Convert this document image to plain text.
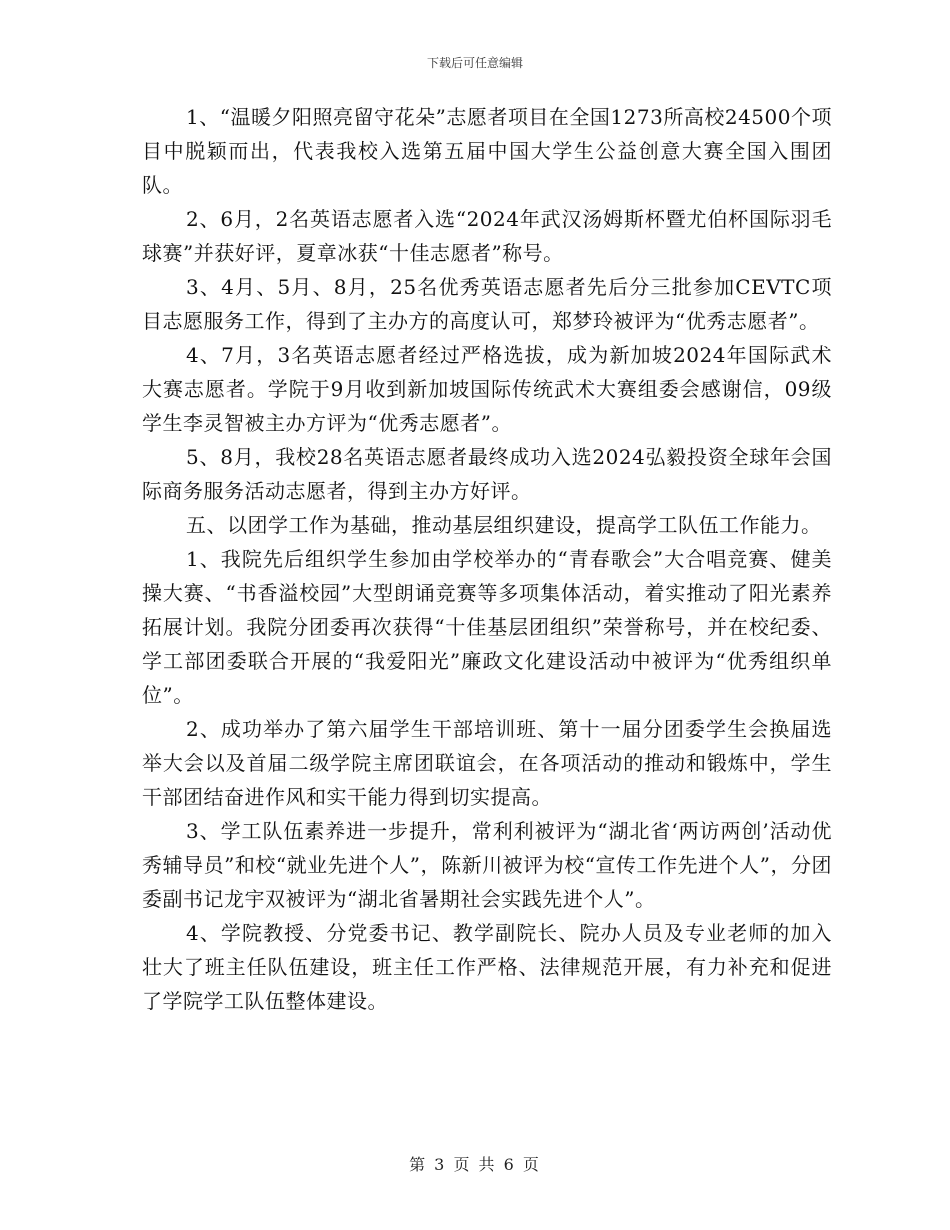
下载后可任意编辑

1、“温暖夕阳照亮留守花朵”志愿者项目在全国1273所高校24500个项目中脱颖而出，代表我校入选第五届中国大学生公益创意大赛全国入围团队。

2、6月，2名英语志愿者入选“2024年武汉汤姆斯杯暨尤伯杯国际羽毛球赛”并获好评，夏章冰获“十佳志愿者”称号。

3、4月、5月、8月，25名优秀英语志愿者先后分三批参加CEVTC项目志愿服务工作，得到了主办方的高度认可，郑梦玲被评为“优秀志愿者”。

4、7月，3名英语志愿者经过严格选拔，成为新加坡2024年国际武术大赛志愿者。学院于9月收到新加坡国际传统武术大赛组委会感谢信，09级学生李灵智被主办方评为“优秀志愿者”。

5、8月，我校28名英语志愿者最终成功入选2024弘毅投资全球年会国际商务服务活动志愿者，得到主办方好评。

五、以团学工作为基础，推动基层组织建设，提高学工队伍工作能力。

1、我院先后组织学生参加由学校举办的“青春歌会”大合唱竞赛、健美操大赛、“书香溢校园”大型朗诵竞赛等多项集体活动，着实推动了阳光素养拓展计划。我院分团委再次获得“十佳基层团组织”荣誉称号，并在校纪委、学工部团委联合开展的“我爱阳光”廉政文化建设活动中被评为“优秀组织单位”。

2、成功举办了第六届学生干部培训班、第十一届分团委学生会换届选举大会以及首届二级学院主席团联谊会，在各项活动的推动和锻炼中，学生干部团结奋进作风和实干能力得到切实提高。

3、学工队伍素养进一步提升，常利利被评为“湖北省‘两访两创’活动优秀辅导员”和校“就业先进个人”，陈新川被评为校“宣传工作先进个人”，分团委副书记龙宇双被评为“湖北省暑期社会实践先进个人”。

4、学院教授、分党委书记、教学副院长、院办人员及专业老师的加入壮大了班主任队伍建设，班主任工作严格、法律规范开展，有力补充和促进了学院学工队伍整体建设。

第 3 页 共 6 页
